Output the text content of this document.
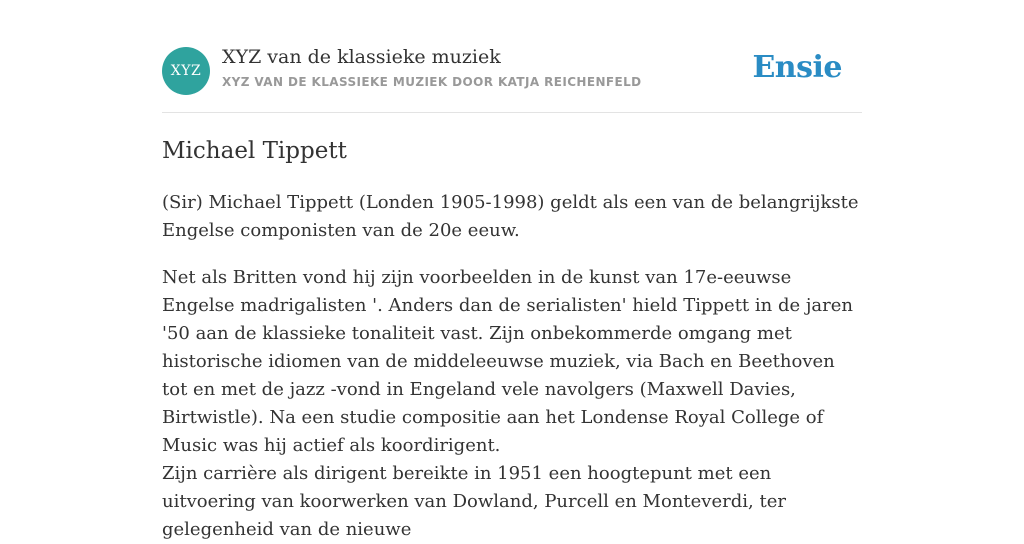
XYZ
XYZ van de klassieke muziek
XYZ VAN DE KLASSIEKE MUZIEK DOOR KATJA REICHENFELD	Ensie
Michael Tippett

(Sir) Michael Tippett (Londen 1905-1998) geldt als een van de belangrijkste Engelse componisten van de 20e eeuw.

Net als Britten vond hij zijn voorbeelden in de kunst van 17e-eeuwse Engelse madrigalisten '. Anders dan de serialisten' hield Tippett in de jaren '50 aan de klassieke tonaliteit vast. Zijn onbekommerde omgang met historische idiomen van de middeleeuwse muziek, via Bach en Beethoven tot en met de jazz -vond in Engeland vele navolgers (Maxwell Davies, Birtwistle). Na een studie compositie aan het Londense Royal College of Music was hij actief als koordirigent.

Zijn carrière als dirigent bereikte in 1951 een hoogtepunt met een uitvoering van koorwerken van Dowland, Purcell en Monteverdi, ter gelegenheid van de nieuwe
